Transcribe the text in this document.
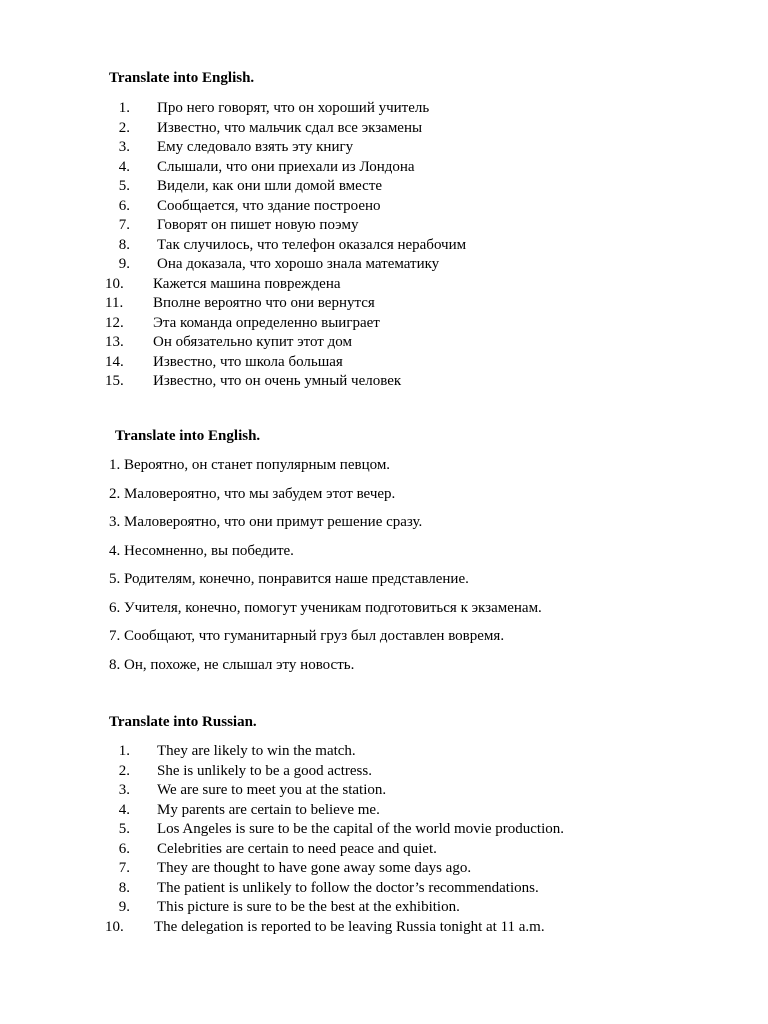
Translate into English.
1. Про него говорят, что он хороший учитель
2. Известно, что мальчик сдал все экзамены
3. Ему следовало взять эту книгу
4. Слышали, что они приехали из Лондона
5. Видели, как они шли домой вместе
6. Сообщается, что здание построено
7. Говорят он пишет новую поэму
8. Так случилось, что телефон оказался нерабочим
9. Она доказала, что хорошо знала математику
10.	Кажется машина повреждена
11.	Вполне вероятно что они вернутся
12.	Эта команда определенно выиграет
13.	Он обязательно купит этот дом
14.	Известно, что школа большая
15.	Известно, что он очень умный человек
Translate into English.
1. Вероятно, он станет популярным певцом.
2. Маловероятно, что мы забудем этот вечер.
3. Маловероятно, что они примут решение сразу.
4. Несомненно, вы победите.
5. Родителям, конечно, понравится наше представление.
6. Учителя, конечно, помогут ученикам подготовиться к экзаменам.
7. Сообщают, что гуманитарный груз был доставлен вовремя.
8. Он, похоже, не слышал эту новость.
Translate into Russian.
1. They are likely to win the match.
2. She is unlikely to be a good actress.
3. We are sure to meet you at the station.
4. My parents are certain to believe me.
5. Los Angeles is sure to be the capital of the world movie production.
6. Celebrities are certain to need peace and quiet.
7. They are thought to have gone away some days ago.
8. The patient is unlikely to follow the doctor’s recommendations.
9. This picture is sure to be the best at the exhibition.
10.	The delegation is reported to be leaving Russia tonight at 11 a.m.
